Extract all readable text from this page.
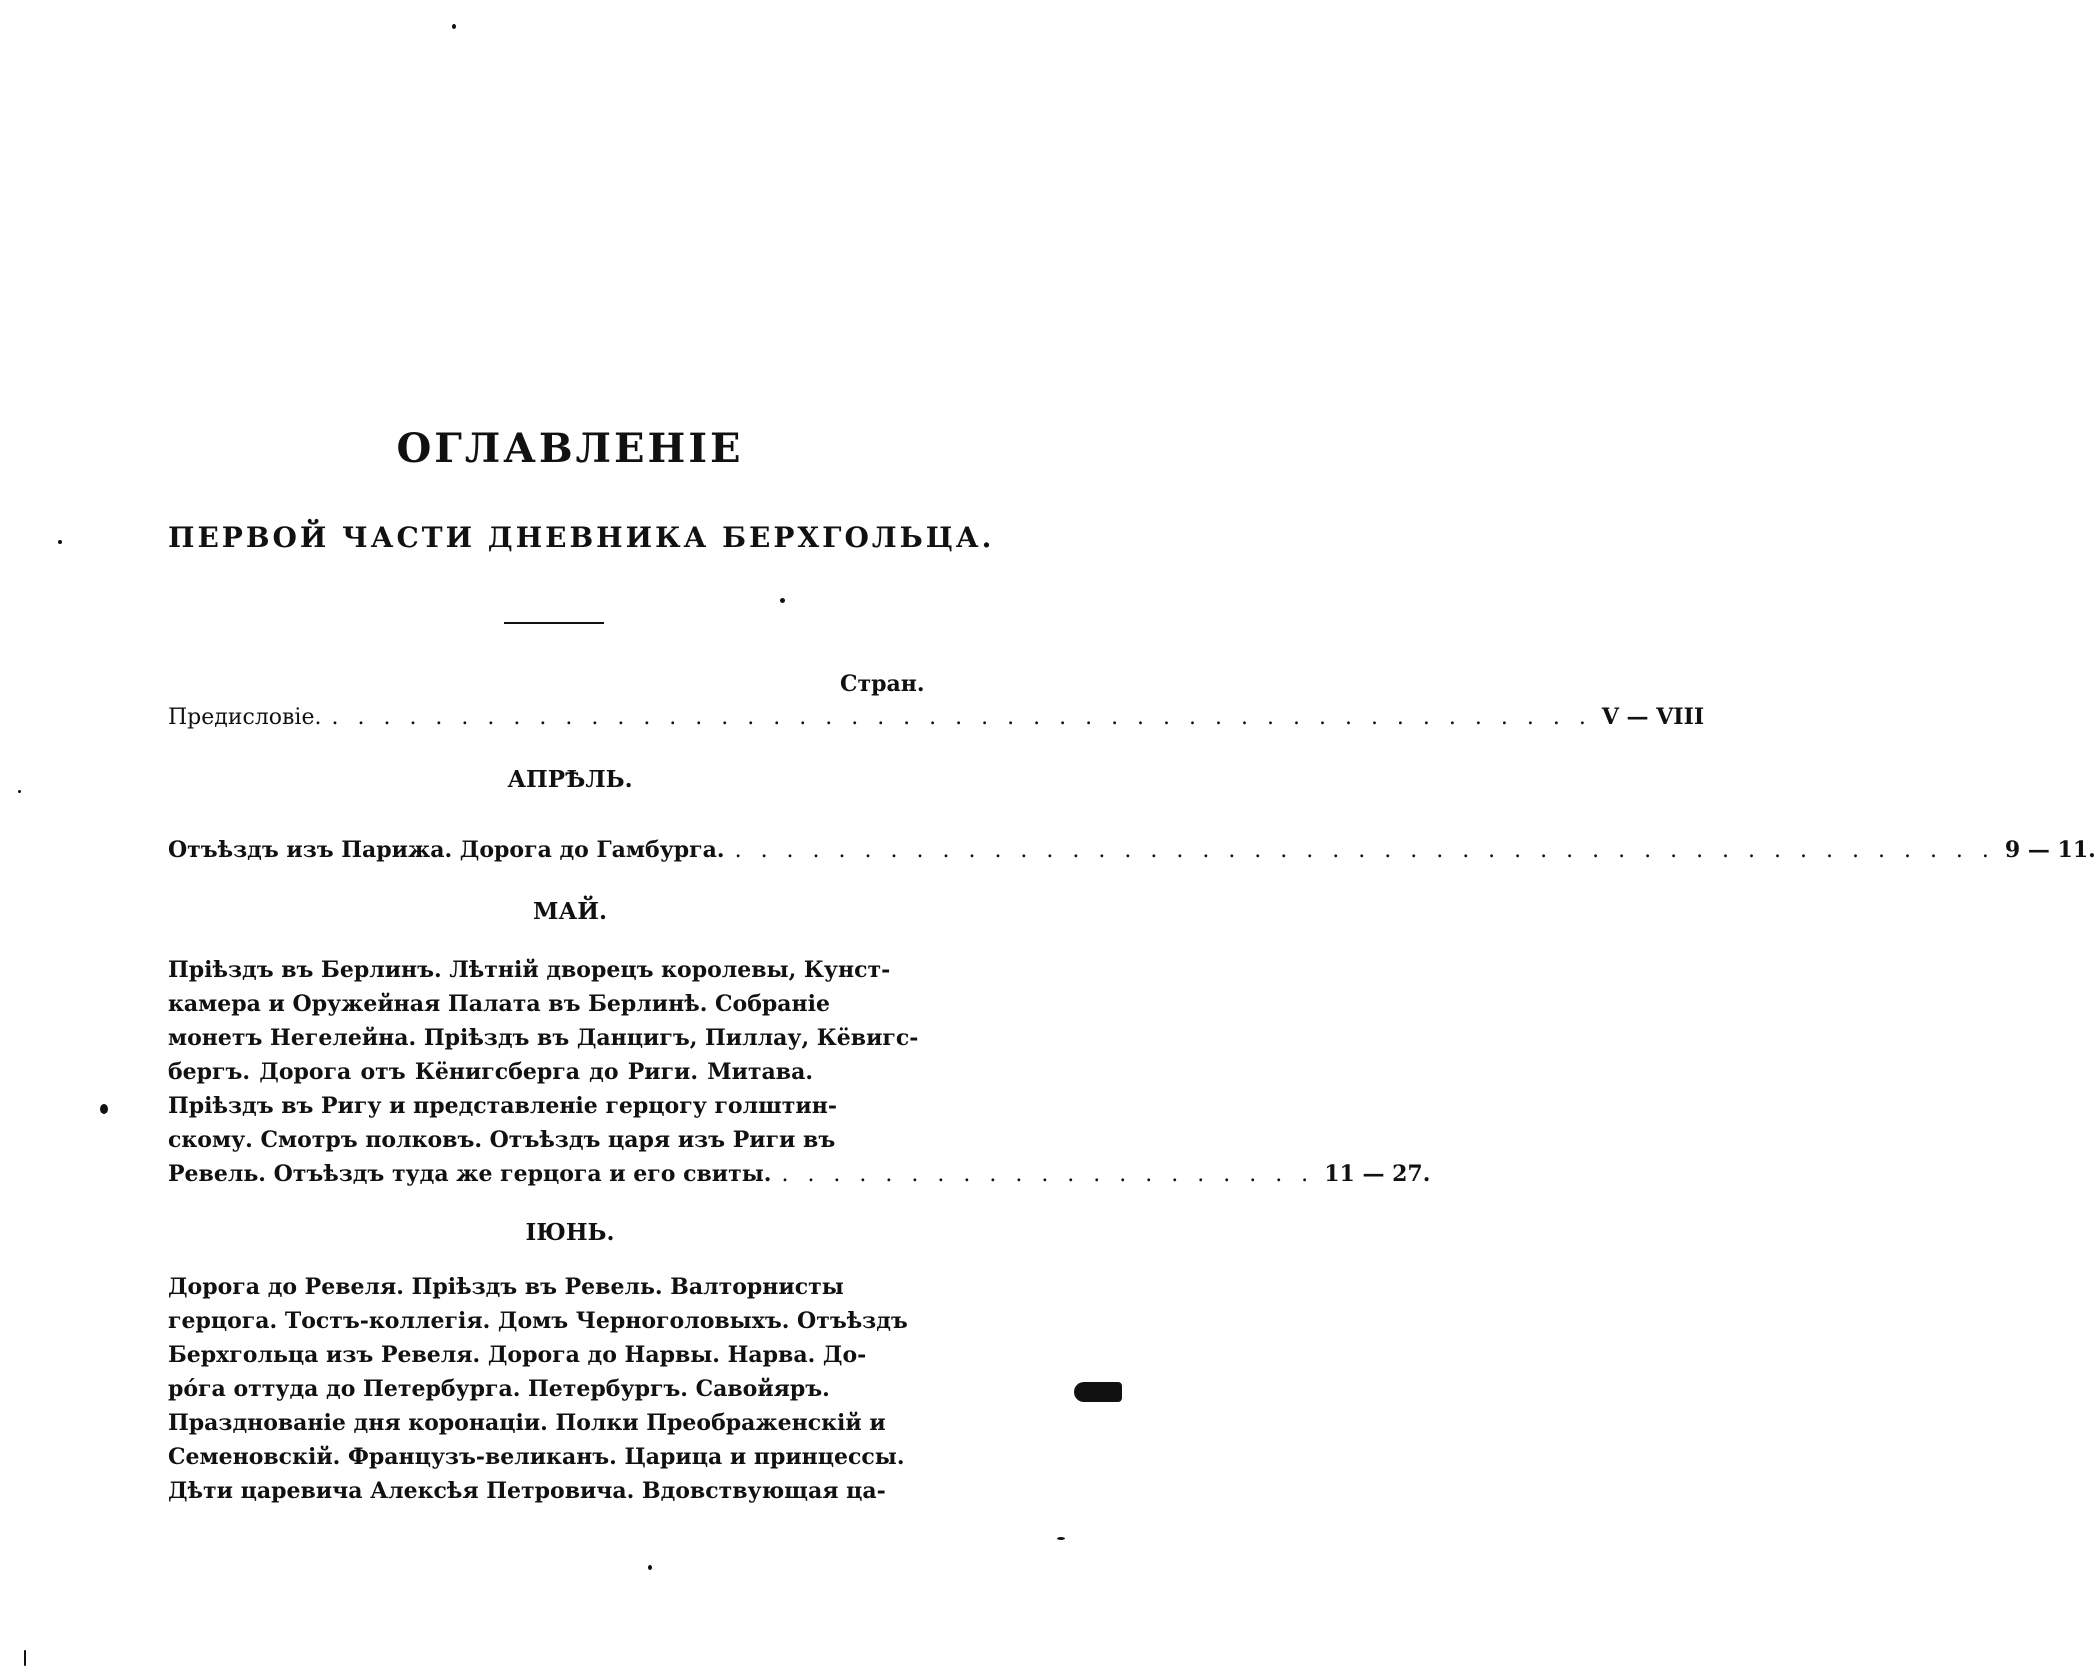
ОГЛАВЛЕНIЕ
ПЕРВОЙ ЧАСТИ ДНЕВНИКА БЕРХГОЛЬЦА.
Стран.
Предисловiе. . . .	V — VIII
АПРѢЛЬ.
Отъѣздъ изъ Парижа. Дорога до Гамбурга. . . .	9 — 11.
МАЙ.
Прiѣздъ въ Берлинъ. Лѣтнiй дворецъ королевы, Кунст-
камера и Оружейная Палата въ Берлинѣ. Собранiе
монетъ Негелейна. Прiѣздъ въ Данцигъ, Пиллау, Кёвигс-
бергъ. Дорога отъ Кёнигсберга до Риги. Митава.
Прiѣздъ въ Ригу и представленiе герцогу голштин-
скому. Смотръ полковъ. Отъѣздъ царя изъ Риги въ
Ревель. Отъѣздъ туда же герцога и его свиты. . . .	11 — 27.
IЮНЬ.
Дорога до Ревеля. Прiѣздъ въ Ревель. Валторнисты
герцога. Тостъ-коллегiя. Домъ Черноголовыхъ. Отъѣздъ
Берхгольца изъ Ревеля. Дорога до Нарвы. Нарва. До-
рóга оттуда до Петербурга. Петербургъ. Савойяръ.
Празднованiе дня коронацiи. Полки Преображенскiй и
Семеновскiй. Французъ-великанъ. Царица и принцессы.
Дѣти царевича Алексѣя Петровича. Вдовствующая ца-
